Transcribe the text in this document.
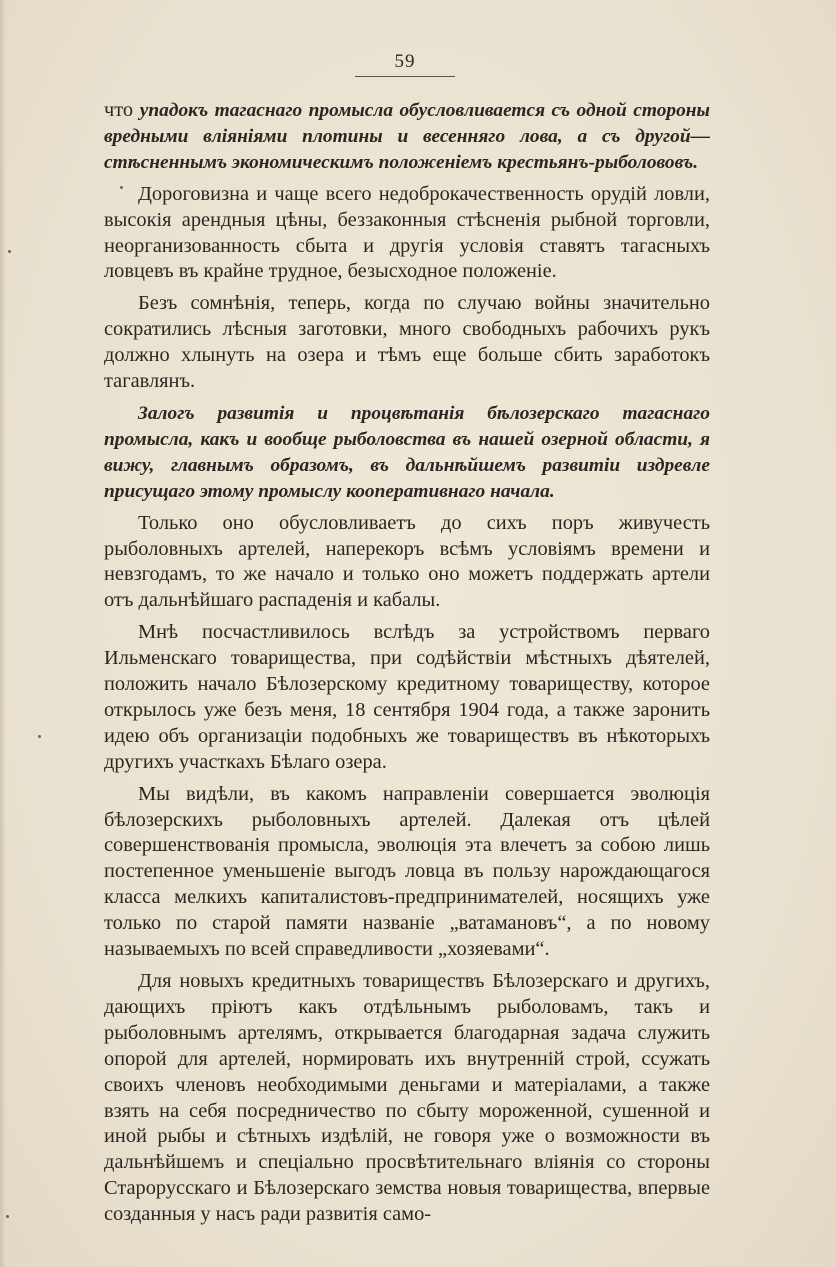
59

что упадокъ тагаснаго промысла обусловливается съ одной стороны вредными вліяніями плотины и весенняго лова, а съ другой—стѣсненнымъ экономическимъ положеніемъ крестьянъ-рыболововъ.

Дороговизна и чаще всего недоброкачественность орудій ловли, высокія арендныя цѣны, беззаконныя стѣсненія рыбной торговли, неорганизованность сбыта и другія условія ставятъ тагасныхъ ловцевъ въ крайне трудное, безысходное положеніе.

Безъ сомнѣнія, теперь, когда по случаю войны значительно сократились лѣсныя заготовки, много свободныхъ рабочихъ рукъ должно хлынуть на озера и тѣмъ еще больше сбить заработокъ тагавлянъ.

Залогъ развитія и процвѣтанія бѣлозерскаго тагаснаго промысла, какъ и вообще рыболовства въ нашей озерной области, я вижу, главнымъ образомъ, въ дальнѣйшемъ развитіи издревле присущаго этому промыслу кооперативнаго начала.

Только оно обусловливаетъ до сихъ поръ живучесть рыболовныхъ артелей, наперекоръ всѣмъ условіямъ времени и невзгодамъ, то же начало и только оно можетъ поддержать артели отъ дальнѣйшаго распаденія и кабалы.

Мнѣ посчастливилось вслѣдъ за устройствомъ перваго Ильменскаго товарищества, при содѣйствіи мѣстныхъ дѣятелей, положить начало Бѣлозерскому кредитному товариществу, которое открылось уже безъ меня, 18 сентября 1904 года, а также заронить идею объ организаціи подобныхъ же товариществъ въ нѣкоторыхъ другихъ участкахъ Бѣлаго озера.

Мы видѣли, въ какомъ направленіи совершается эволюція бѣлозерскихъ рыболовныхъ артелей. Далекая отъ цѣлей совершенствованія промысла, эволюція эта влечетъ за собою лишь постепенное уменьшеніе выгодъ ловца въ пользу нарождающагося класса мелкихъ капиталистовъ-предпринимателей, носящихъ уже только по старой памяти названіе „ватамановъ“, а по новому называемыхъ по всей справедливости „хозяевами“.

Для новыхъ кредитныхъ товариществъ Бѣлозерскаго и другихъ, дающихъ пріютъ какъ отдѣльнымъ рыболовамъ, такъ и рыболовнымъ артелямъ, открывается благодарная задача служить опорой для артелей, нормировать ихъ внутренній строй, ссужать своихъ членовъ необходимыми деньгами и матеріалами, а также взять на себя посредничество по сбыту мороженной, сушенной и иной рыбы и сѣтныхъ издѣлій, не говоря уже о возможности въ дальнѣйшемъ и спеціально просвѣтительнаго вліянія со стороны Старорусскаго и Бѣлозерскаго земства новыя товарищества, впервые созданныя у насъ ради развитія само-
